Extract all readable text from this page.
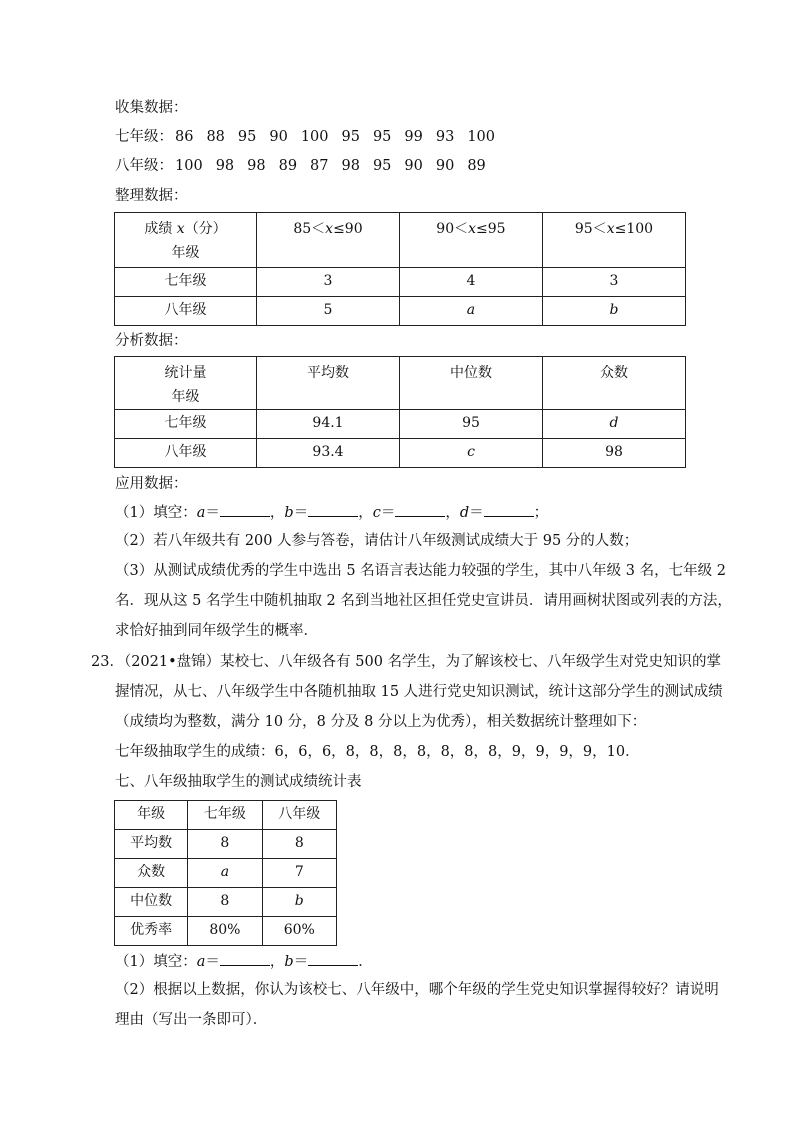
收集数据：
七年级： 86 88 95 90 100 95 95 99 93 100
八年级： 100 98 98 89 87 98 95 90 90 89
整理数据：
成绩 x（分）
年级	85＜x≤90	90＜x≤95	95＜x≤100
七年级	3	4	3
八年级	5	a	b
分析数据：
统计量
年级	平均数	中位数	众数
七年级	94.1	95	d
八年级	93.4	c	98
应用数据：
（1）填空：a＝	，b＝	，c＝	，d＝	；
（2）若八年级共有 200 人参与答卷，请估计八年级测试成绩大于 95 分的人数；
（3）从测试成绩优秀的学生中选出 5 名语言表达能力较强的学生，其中八年级 3 名，七年级 2
名．现从这 5 名学生中随机抽取 2 名到当地社区担任党史宣讲员．请用画树状图或列表的方法，
求恰好抽到同年级学生的概率．
23．（2021•盘锦）某校七、八年级各有 500 名学生，为了解该校七、八年级学生对党史知识的掌
握情况，从七、八年级学生中各随机抽取 15 人进行党史知识测试，统计这部分学生的测试成绩
（成绩均为整数，满分 10 分，8 分及 8 分以上为优秀），相关数据统计整理如下：
七年级抽取学生的成绩：6，6，6，8，8，8，8，8，8，8，9，9，9，9，10．
七、八年级抽取学生的测试成绩统计表
年级	七年级	八年级
平均数	8	8
众数	a	7
中位数	8	b
优秀率	80%	60%
（1）填空：a＝	，b＝	．
（2）根据以上数据，你认为该校七、八年级中，哪个年级的学生党史知识掌握得较好？请说明
理由（写出一条即可）．
